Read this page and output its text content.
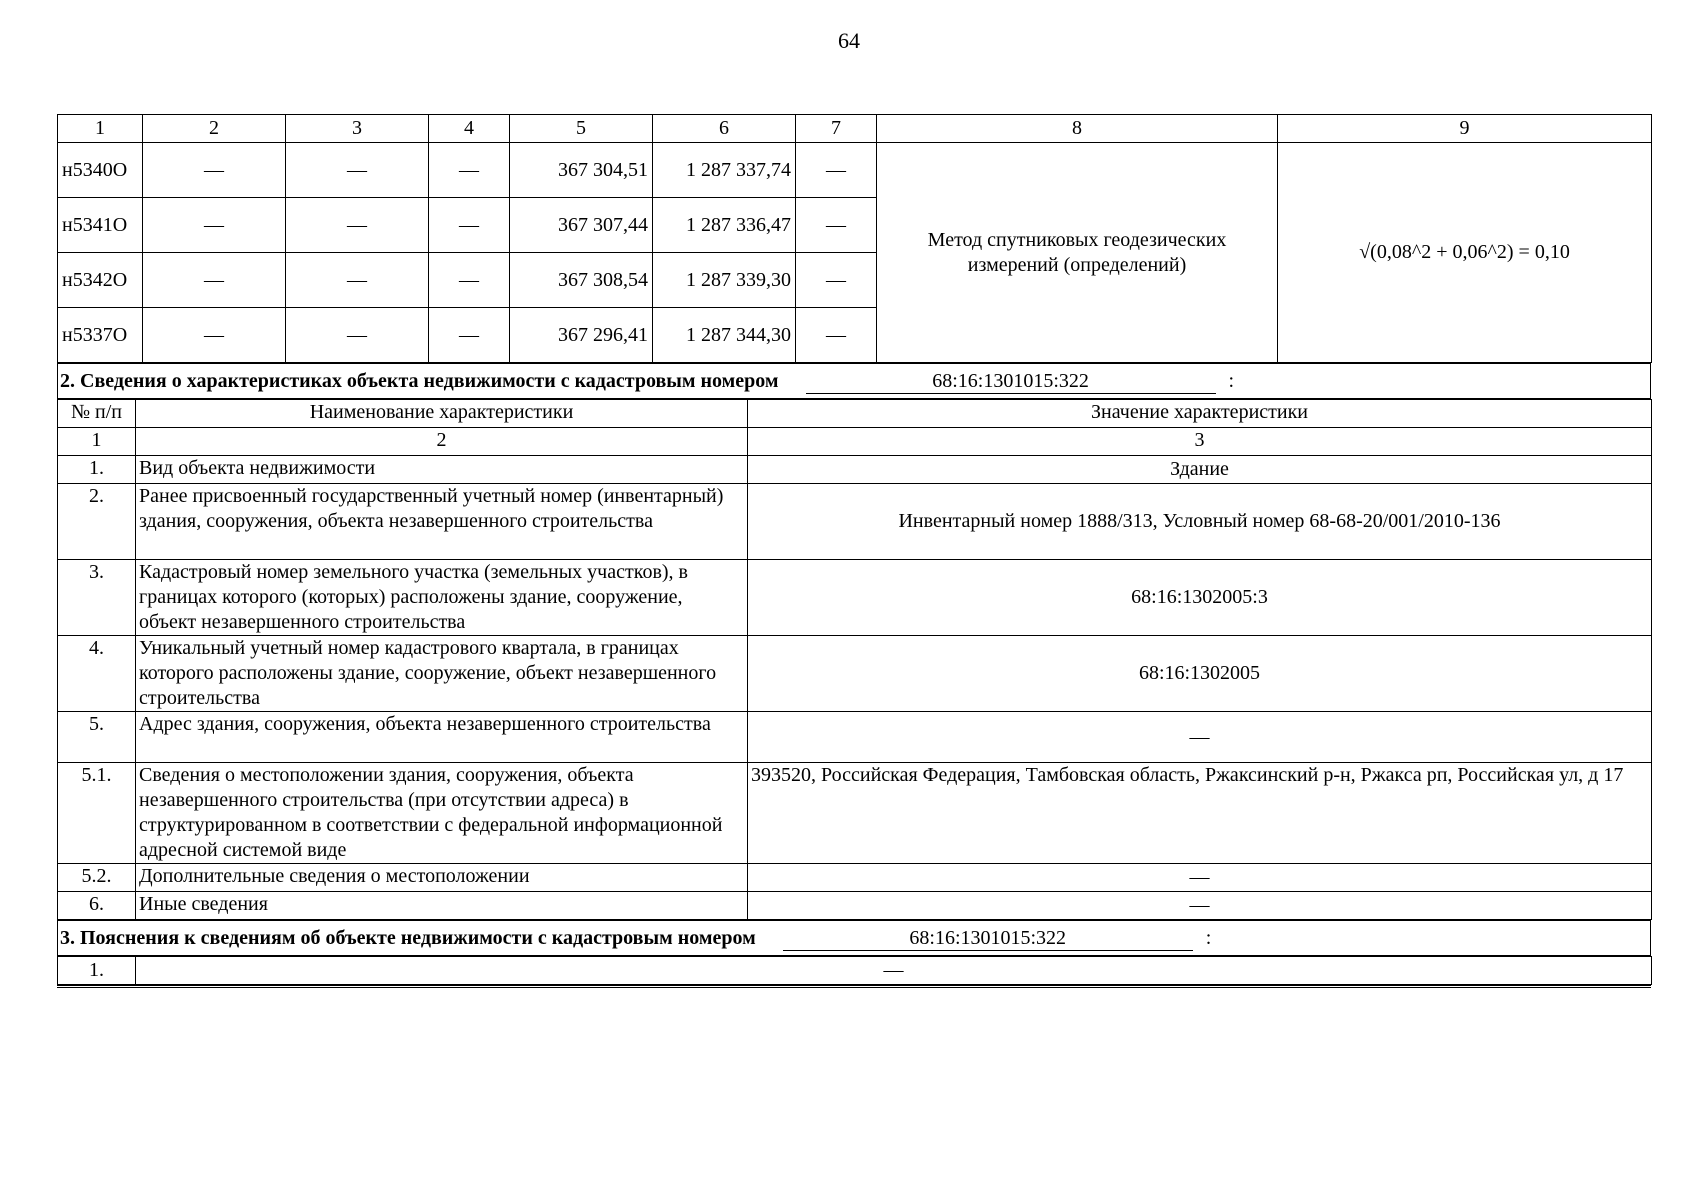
64
1	2	3	4	5	6	7	8	9
н5340О	—	—	—	367 304,51	1 287 337,74	—	Метод спутниковых геодезических измерений (определений)	√(0,08^2 + 0,06^2) = 0,10
н5341О	—	—	—	367 307,44	1 287 336,47	—		
н5342О	—	—	—	367 308,54	1 287 339,30	—		
н5337О	—	—	—	367 296,41	1 287 344,30	—		
2. Сведения о характеристиках объекта недвижимости с кадастровым номером	68:16:1301015:322	:
№ п/п	Наименование характеристики	Значение характеристики
1	2	3
1.	Вид объекта недвижимости	Здание
2.	Ранее присвоенный государственный учетный номер (инвентарный) здания, сооружения, объекта незавершенного строительства	Инвентарный номер 1888/313, Условный номер 68-68-20/001/2010-136
3.	Кадастровый номер земельного участка (земельных участков), в границах которого (которых) расположены здание, сооружение, объект незавершенного строительства	68:16:1302005:3
4.	Уникальный учетный номер кадастрового квартала, в границах которого расположены здание, сооружение, объект незавершенного строительства	68:16:1302005
5.	Адрес здания, сооружения, объекта незавершенного строительства	—
5.1.	Сведения о местоположении здания, сооружения, объекта незавершенного строительства (при отсутствии адреса) в структурированном в соответствии с федеральной информационной адресной системой виде	393520, Российская Федерация, Тамбовская область, Ржаксинский р-н, Ржакса рп, Российская ул, д 17
5.2.	Дополнительные сведения о местоположении	—
6.	Иные сведения	—
3. Пояснения к сведениям об объекте недвижимости с кадастровым номером	68:16:1301015:322	:
1.	—
